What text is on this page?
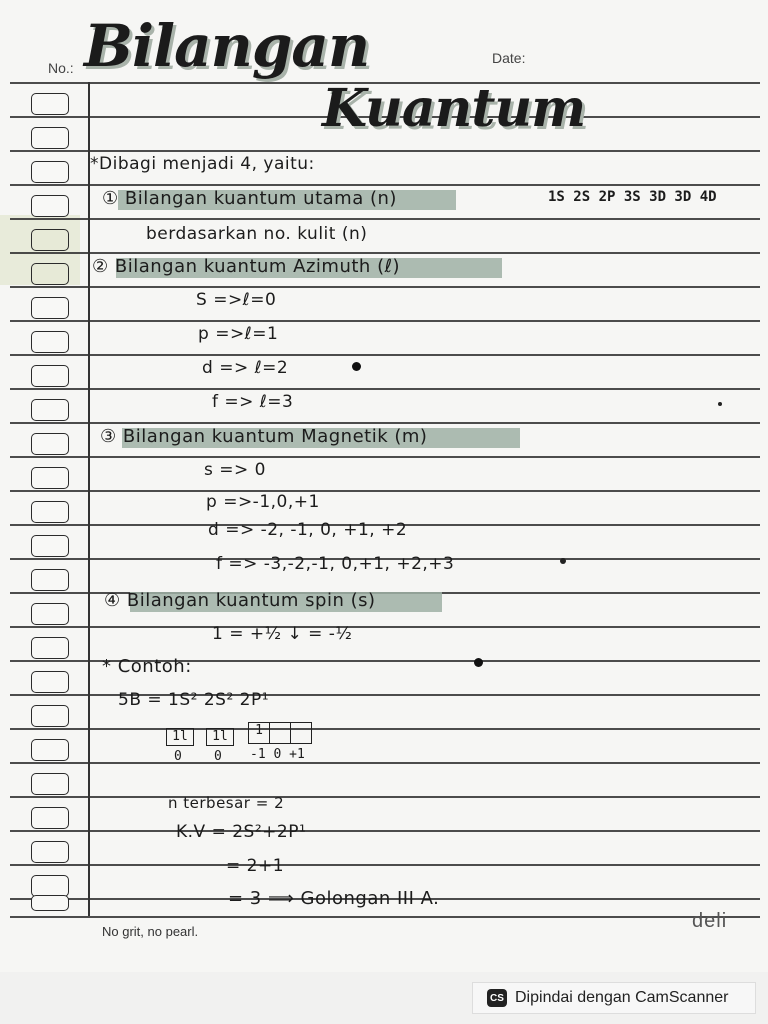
No.:
Date:
Bilangan
Kuantum
*Dibagi menjadi 4, yaitu:
① Bilangan kuantum utama (n)	1S 2S 2P 3S 3D 3D 4D
berdasarkan no. kulit (n)
② Bilangan kuantum Azimuth (ℓ)
S =>ℓ=0
p =>ℓ=1
d => ℓ=2
f => ℓ=3
③ Bilangan kuantum Magnetik (m)
s => 0
p =>-1,0,+1
d => -2, -1, 0, +1, +2
f => -3,-2,-1, 0,+1, +2,+3
④ Bilangan kuantum spin (s)
1 = +½ ↓ = -½
* Contoh:
5B = 1S² 2S² 2P¹
1l	1l	1
0 0 -1 0 +1
n terbesar = 2
K.V = 2S²+2P¹
= 2+1
= 3 ⟹ Golongan III A.
No grit, no pearl.	deli
CS Dipindai dengan CamScanner
